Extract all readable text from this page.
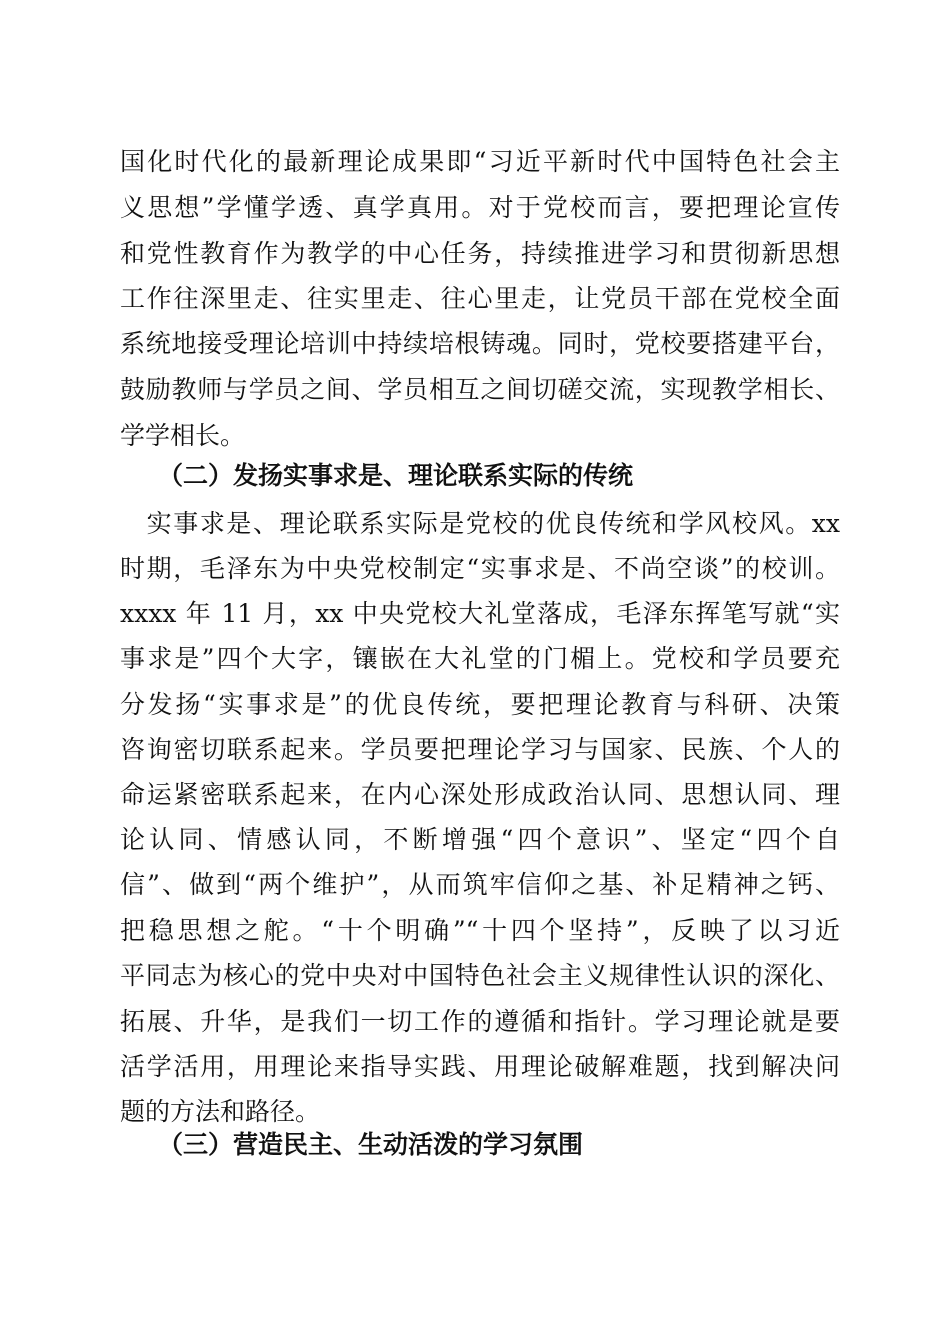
国化时代化的最新理论成果即“习近平新时代中国特色社会主
义思想”学懂学透、真学真用。对于党校而言，要把理论宣传
和党性教育作为教学的中心任务，持续推进学习和贯彻新思想
工作往深里走、往实里走、往心里走，让党员干部在党校全面
系统地接受理论培训中持续培根铸魂。同时，党校要搭建平台，
鼓励教师与学员之间、学员相互之间切磋交流，实现教学相长、
学学相长。
（二）发扬实事求是、理论联系实际的传统
　实事求是、理论联系实际是党校的优良传统和学风校风。xx
时期，毛泽东为中央党校制定“实事求是、不尚空谈”的校训。
xxxx 年 11 月，xx 中央党校大礼堂落成，毛泽东挥笔写就“实
事求是”四个大字，镶嵌在大礼堂的门楣上。党校和学员要充
分发扬“实事求是”的优良传统，要把理论教育与科研、决策
咨询密切联系起来。学员要把理论学习与国家、民族、个人的
命运紧密联系起来，在内心深处形成政治认同、思想认同、理
论认同、情感认同，不断增强“四个意识”、坚定“四个自
信”、做到“两个维护”，从而筑牢信仰之基、补足精神之钙、
把稳思想之舵。“十个明确”“十四个坚持”，反映了以习近
平同志为核心的党中央对中国特色社会主义规律性认识的深化、
拓展、升华，是我们一切工作的遵循和指针。学习理论就是要
活学活用，用理论来指导实践、用理论破解难题，找到解决问
题的方法和路径。
（三）营造民主、生动活泼的学习氛围
